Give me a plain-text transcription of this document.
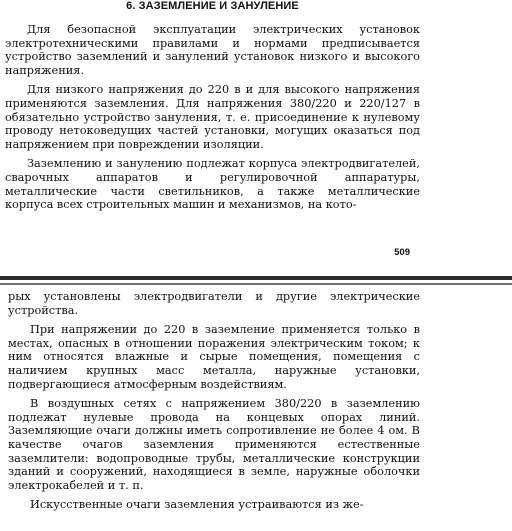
6. ЗАЗЕМЛЕНИЕ И ЗАНУЛЕНИЕ

Для безопасной эксплуатации электрических установок электротехническими правилами и нормами предписывается устройство заземлений и занулений установок низкого и высокого напряжения.

Для низкого напряжения до 220 в и для высокого напряжения применяются заземления. Для напряжения 380/220 и 220/127 в обязательно устройство зануления, т. е. присоединение к нулевому проводу нетоковедущих частей установки, могущих оказаться под напряжением при повреждении изоляции.

Заземлению и занулению подлежат корпуса электродвигателей, сварочных аппаратов и регулировочной аппаратуры, металлические части светильников, а также металлические корпуса всех строительных машин и механизмов, на кото-

509

рых установлены электродвигатели и другие электрические устройства.

При напряжении до 220 в заземление применяется только в местах, опасных в отношении поражения электрическим током; к ним относятся влажные и сырые помещения, помещения с наличием крупных масс металла, наружные установки, подвергающиеся атмосферным воздействиям.

В воздушных сетях с напряжением 380/220 в заземлению подлежат нулевые провода на концевых опорах линий. Заземляющие очаги должны иметь сопротивление не более 4 ом. В качестве очагов заземления применяются естественные заземлители: водопроводные трубы, металлические конструкции зданий и сооружений, находящиеся в земле, наружные оболочки электрокабелей и т. п.

Искусственные очаги заземления устраиваются из же-
